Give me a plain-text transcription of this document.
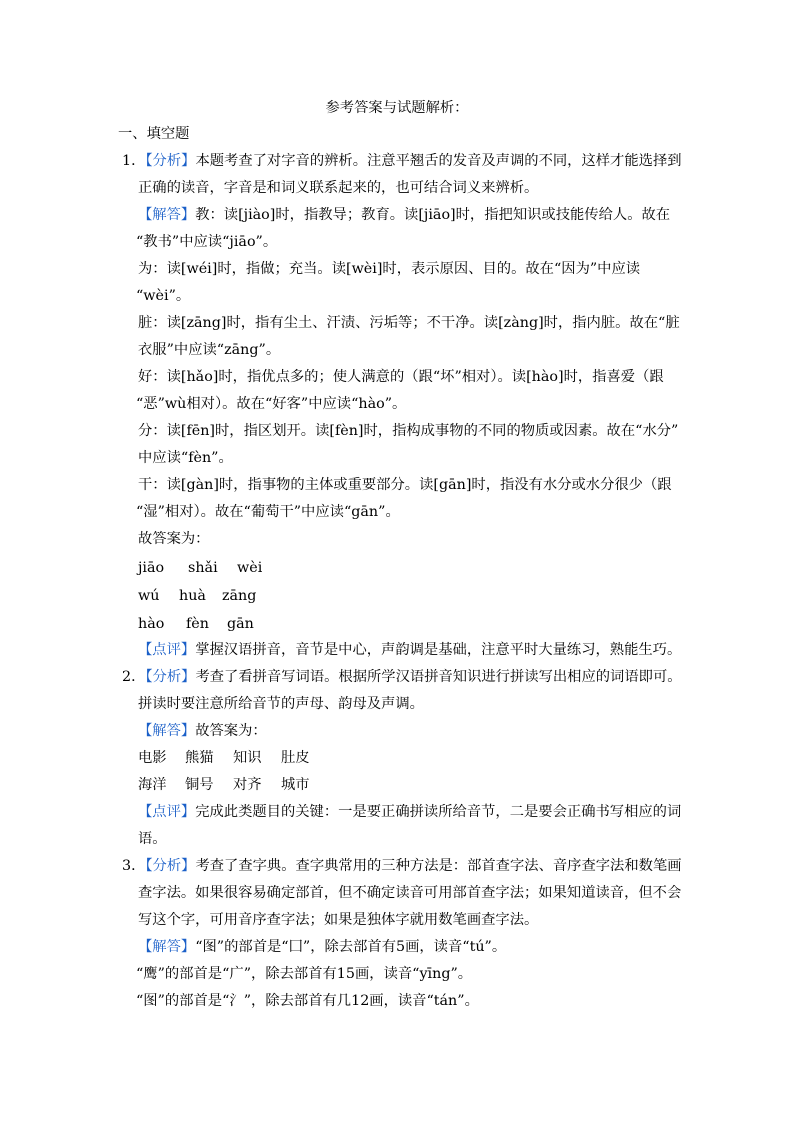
参考答案与试题解析：
一、填空题
1．【分析】本题考查了对字音的辨析。注意平翘舌的发音及声调的不同，这样才能选择到
正确的读音，字音是和词义联系起来的，也可结合词义来辨析。
【解答】教：读[jiào]时，指教导；教育。读[jiāo]时，指把知识或技能传给人。故在
“教书”中应读“jiāo”。
为：读[wéi]时，指做；充当。读[wèi]时，表示原因、目的。故在“因为”中应读
“wèi”。
脏：读[zāng]时，指有尘土、汗渍、污垢等；不干净。读[zàng]时，指内脏。故在“脏
衣服”中应读“zāng”。
好：读[hǎo]时，指优点多的；使人满意的（跟“坏”相对）。读[hào]时，指喜爱（跟
“恶”wù相对）。故在“好客”中应读“hào”。
分：读[fēn]时，指区划开。读[fèn]时，指构成事物的不同的物质或因素。故在“水分”
中应读“fèn”。
干：读[gàn]时，指事物的主体或重要部分。读[gān]时，指没有水分或水分很少（跟
“湿”相对）。故在“葡萄干”中应读“gān”。
故答案为：
jiāo shǎi wèi
wú huà zāng
hào fèn gān
【点评】掌握汉语拼音，音节是中心，声韵调是基础，注意平时大量练习，熟能生巧。
2．【分析】考查了看拼音写词语。根据所学汉语拼音知识进行拼读写出相应的词语即可。
拼读时要注意所给音节的声母、韵母及声调。
【解答】故答案为：
电影 熊猫 知识 肚皮
海洋 铜号 对齐 城市
【点评】完成此类题目的关键：一是要正确拼读所给音节，二是要会正确书写相应的词
语。
3．【分析】考查了查字典。查字典常用的三种方法是：部首查字法、音序查字法和数笔画
查字法。如果很容易确定部首，但不确定读音可用部首查字法；如果知道读音，但不会
写这个字，可用音序查字法；如果是独体字就用数笔画查字法。
【解答】“图”的部首是“囗”，除去部首有5画，读音“tú”。
“鹰”的部首是“广”，除去部首有15画，读音“yīng”。
“图”的部首是“氵”，除去部首有几12画，读音“tán”。
